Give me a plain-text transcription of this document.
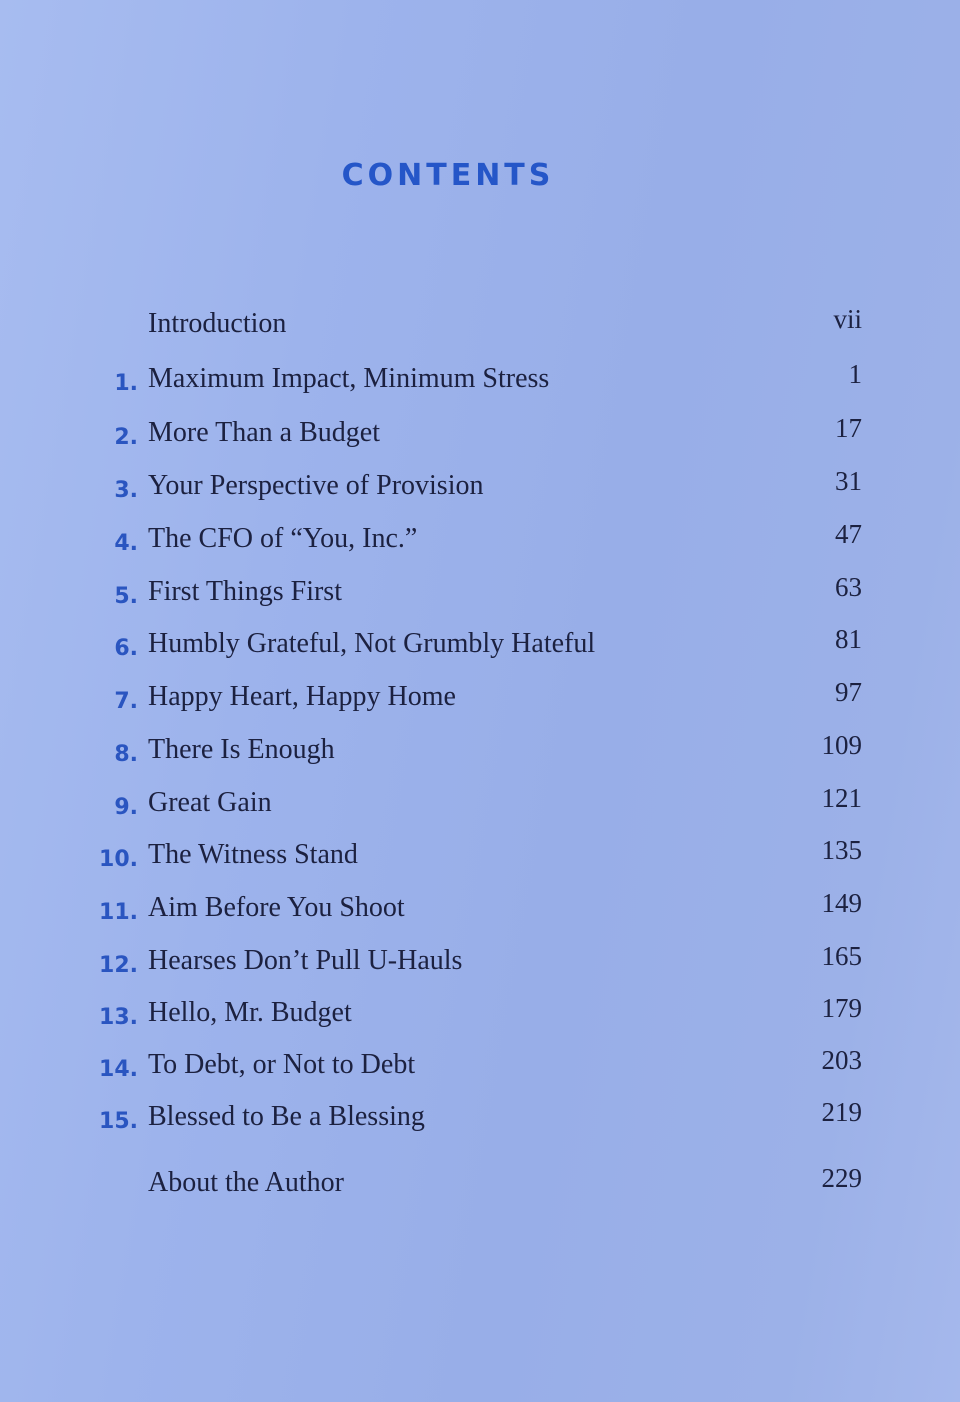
CONTENTS
Introduction	vii
1. Maximum Impact, Minimum Stress	1
2. More Than a Budget	17
3. Your Perspective of Provision	31
4. The CFO of “You, Inc.”	47
5. First Things First	63
6. Humbly Grateful, Not Grumbly Hateful	81
7. Happy Heart, Happy Home	97
8. There Is Enough	109
9. Great Gain	121
10. The Witness Stand	135
11. Aim Before You Shoot	149
12. Hearses Don’t Pull U-Hauls	165
13. Hello, Mr. Budget	179
14. To Debt, or Not to Debt	203
15. Blessed to Be a Blessing	219
About the Author	229
